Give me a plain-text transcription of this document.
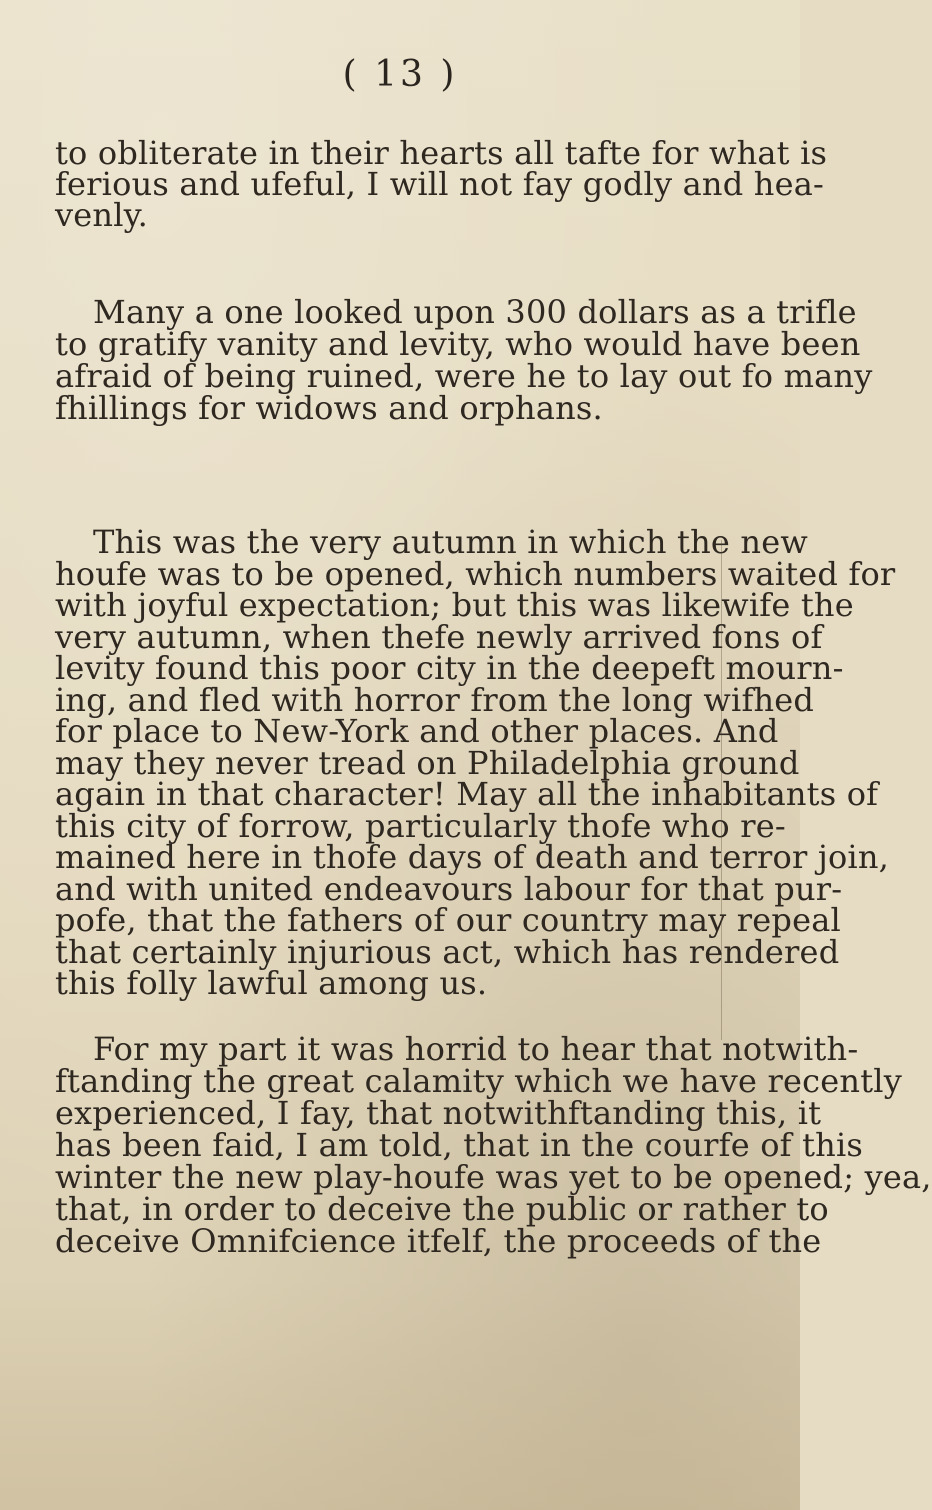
( 13 )
to obliterate in their hearts all tafte for what is
ferious and ufeful, I will not fay godly and hea-
venly.
Many a one looked upon 300 dollars as a trifle
to gratify vanity and levity, who would have been
afraid of being ruined, were he to lay out fo many
fhillings for widows and orphans.
This was the very autumn in which the new
houfe was to be opened, which numbers waited for
with joyful expectation; but this was likewife the
very autumn, when thefe newly arrived fons of
levity found this poor city in the deepeft mourn-
ing, and fled with horror from the long wifhed
for place to New-York and other places. And
may they never tread on Philadelphia ground
again in that character! May all the inhabitants of
this city of forrow, particularly thofe who re-
mained here in thofe days of death and terror join,
and with united endeavours labour for that pur-
pofe, that the fathers of our country may repeal
that certainly injurious act, which has rendered
this folly lawful among us.
For my part it was horrid to hear that notwith-
ftanding the great calamity which we have recently
experienced, I fay, that notwithftanding this, it
has been faid, I am told, that in the courfe of this
winter the new play-houfe was yet to be opened; yea,
that, in order to deceive the public or rather to
deceive Omnifcience itfelf, the proceeds of the
